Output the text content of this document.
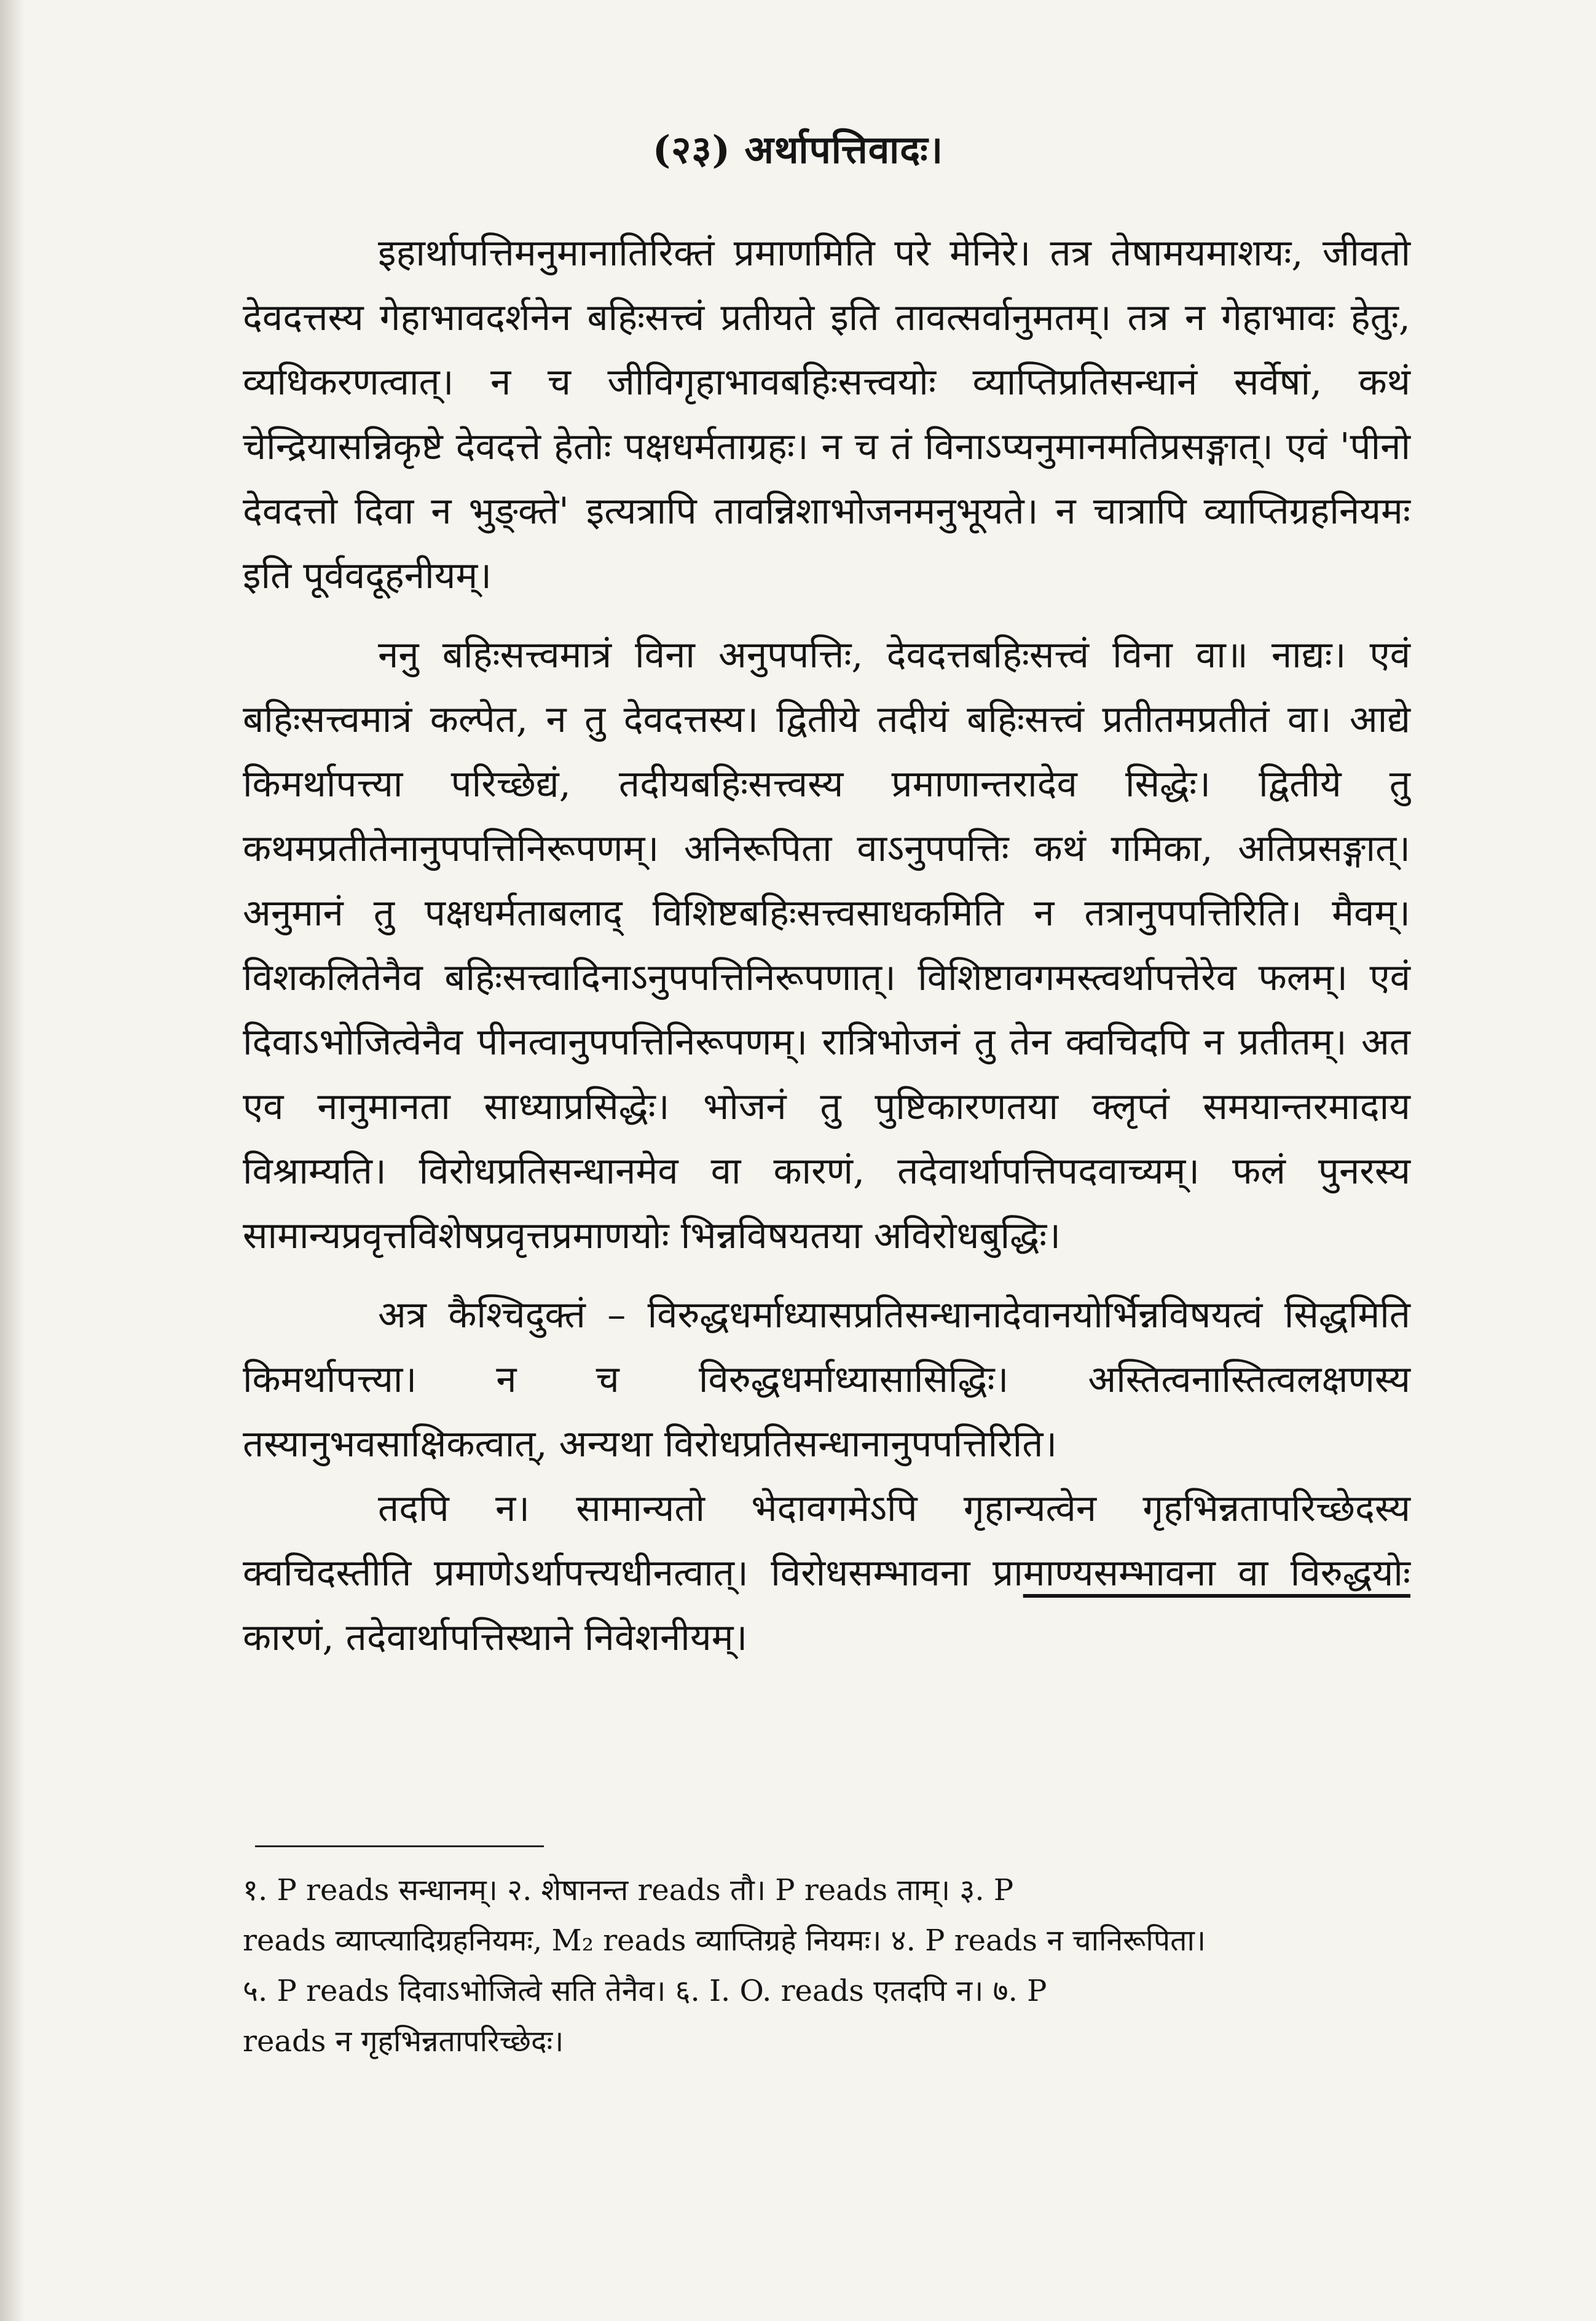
(२३) अर्थापत्तिवादः।

इहार्थापत्तिमनुमानातिरिक्तं प्रमाणमिति परे मेनिरे। तत्र तेषामयमाशयः, जीवतो देवदत्तस्य गेहाभावदर्शनेन बहिःसत्त्वं प्रतीयते इति तावत्सर्वानुमतम्। तत्र न गेहाभावः हेतुः, व्यधिकरणत्वात्। न च जीविगृहाभावबहिःसत्त्वयोः व्याप्तिप्रतिसन्धानं सर्वेषां, कथं चेन्द्रियासन्निकृष्टे देवदत्ते हेतोः पक्षधर्मताग्रहः। न च तं विनाऽप्यनुमानमतिप्रसङ्गात्। एवं 'पीनो देवदत्तो दिवा न भुङ्क्ते' इत्यत्रापि तावन्निशाभोजनमनुभूयते। न चात्रापि व्याप्तिग्रहनियमः इति पूर्ववदूहनीयम्।

ननु बहिःसत्त्वमात्रं विना अनुपपत्तिः, देवदत्तबहिःसत्त्वं विना वा॥ नाद्यः। एवं बहिःसत्त्वमात्रं कल्पेत, न तु देवदत्तस्य। द्वितीये तदीयं बहिःसत्त्वं प्रतीतमप्रतीतं वा। आद्ये किमर्थापत्त्या परिच्छेद्यं, तदीयबहिःसत्त्वस्य प्रमाणान्तरादेव सिद्धेः। द्वितीये तु कथमप्रतीतेनानुपपत्तिनिरूपणम्। अनिरूपिता वाऽनुपपत्तिः कथं गमिका, अतिप्रसङ्गात्। अनुमानं तु पक्षधर्मताबलाद् विशिष्टबहिःसत्त्वसाधकमिति न तत्रानुपपत्तिरिति। मैवम्। विशकलितेनैव बहिःसत्त्वादिनाऽनुपपत्तिनिरूपणात्। विशिष्टावगमस्त्वर्थापत्तेरेव फलम्। एवं दिवाऽभोजित्वेनैव पीनत्वानुपपत्तिनिरूपणम्। रात्रिभोजनं तु तेन क्वचिदपि न प्रतीतम्। अत एव नानुमानता साध्याप्रसिद्धेः। भोजनं तु पुष्टिकारणतया क्लृप्तं समयान्तरमादाय विश्राम्यति। विरोधप्रतिसन्धानमेव वा कारणं, तदेवार्थापत्तिपदवाच्यम्। फलं पुनरस्य सामान्यप्रवृत्तविशेषप्रवृत्तप्रमाणयोः भिन्नविषयतया अविरोधबुद्धिः।

अत्र कैश्चिदुक्तं – विरुद्धधर्माध्यासप्रतिसन्धानादेवानयोर्भिन्नविषयत्वं सिद्धमिति किमर्थापत्त्या। न च विरुद्धधर्माध्यासासिद्धिः। अस्तित्वनास्तित्वलक्षणस्य तस्यानुभवसाक्षिकत्वात्, अन्यथा विरोधप्रतिसन्धानानुपपत्तिरिति।

तदपि न। सामान्यतो भेदावगमेऽपि गृहान्यत्वेन गृहभिन्नतापरिच्छेदस्य क्वचिदस्तीति प्रमाणेऽर्थापत्त्यधीनत्वात्। विरोधसम्भावना प्रामाण्यसम्भावना वा विरुद्धयोः कारणं, तदेवार्थापत्तिस्थाने निवेशनीयम्।

१. P reads सन्धानम्। २. शेषानन्त reads तौ। P reads ताम्। ३. P
reads व्याप्त्यादिग्रहनियमः, M₂ reads व्याप्तिग्रहे नियमः। ४. P reads न चानिरूपिता।
५. P reads दिवाऽभोजित्वे सति तेनैव। ६. I. O. reads एतदपि न। ७. P
reads न गृहभिन्नतापरिच्छेदः।
